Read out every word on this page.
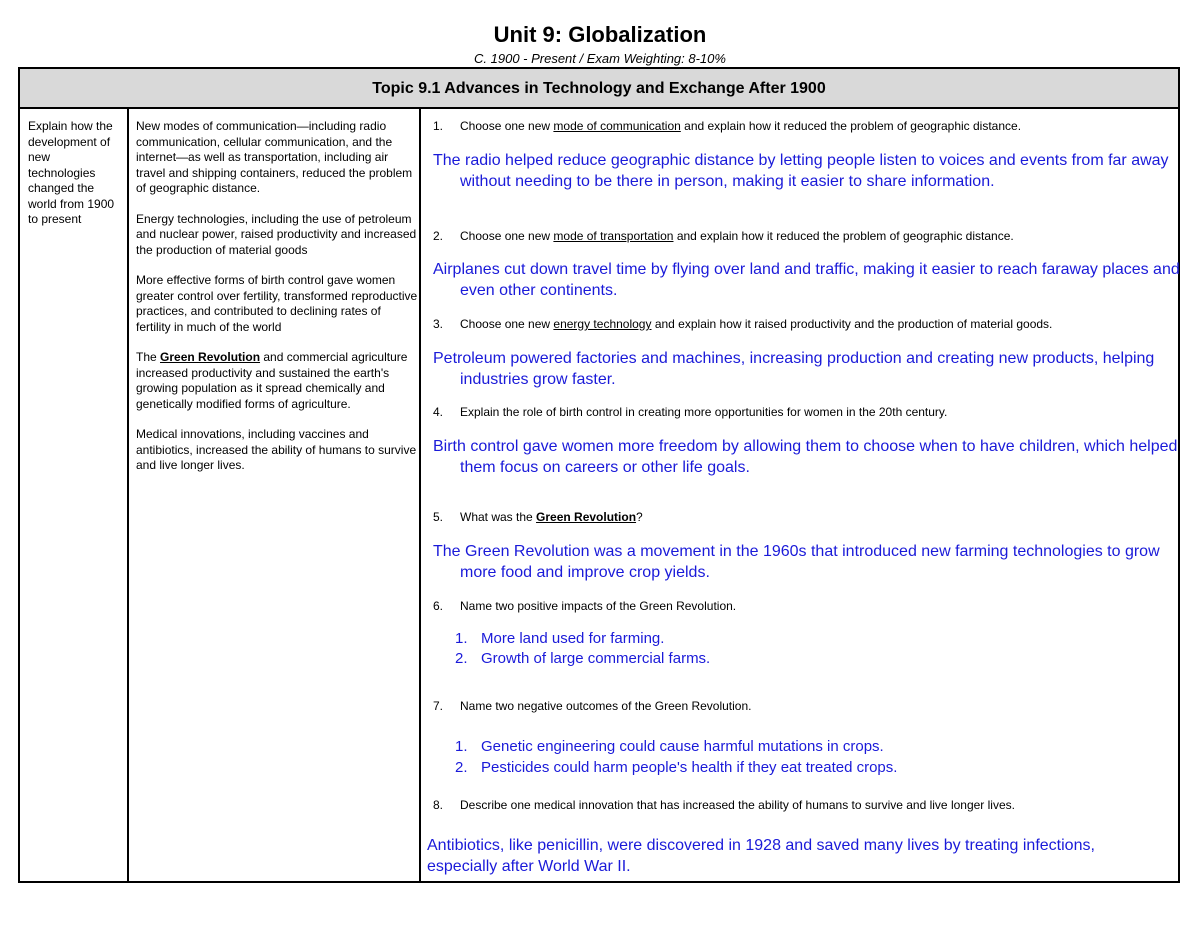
Unit 9: Globalization
C. 1900 - Present / Exam Weighting: 8-10%
Topic 9.1 Advances in Technology and Exchange After 1900
Explain how the development of new technologies changed the world from 1900 to present

New modes of communication—including radio communication, cellular communication, and the internet—as well as transportation, including air travel and shipping containers, reduced the problem of geographic distance.

Energy technologies, including the use of petroleum and nuclear power, raised productivity and increased the production of material goods

More effective forms of birth control gave women greater control over fertility, transformed reproductive practices, and contributed to declining rates of fertility in much of the world

The Green Revolution and commercial agriculture increased productivity and sustained the earth's growing population as it spread chemically and genetically modified forms of agriculture.

Medical innovations, including vaccines and antibiotics, increased the ability of humans to survive and live longer lives.

1. Choose one new mode of communication and explain how it reduced the problem of geographic distance.
The radio helped reduce geographic distance by letting people listen to voices and events from far away without needing to be there in person, making it easier to share information.
2. Choose one new mode of transportation and explain how it reduced the problem of geographic distance.
Airplanes cut down travel time by flying over land and traffic, making it easier to reach faraway places and even other continents.
3. Choose one new energy technology and explain how it raised productivity and the production of material goods.
Petroleum powered factories and machines, increasing production and creating new products, helping industries grow faster.
4. Explain the role of birth control in creating more opportunities for women in the 20th century.
Birth control gave women more freedom by allowing them to choose when to have children, which helped them focus on careers or other life goals.
5. What was the Green Revolution?
The Green Revolution was a movement in the 1960s that introduced new farming technologies to grow more food and improve crop yields.
6. Name two positive impacts of the Green Revolution.
1. More land used for farming.
2. Growth of large commercial farms.
7. Name two negative outcomes of the Green Revolution.
1. Genetic engineering could cause harmful mutations in crops.
2. Pesticides could harm people's health if they eat treated crops.
8. Describe one medical innovation that has increased the ability of humans to survive and live longer lives.
Antibiotics, like penicillin, were discovered in 1928 and saved many lives by treating infections, especially after World War II.
